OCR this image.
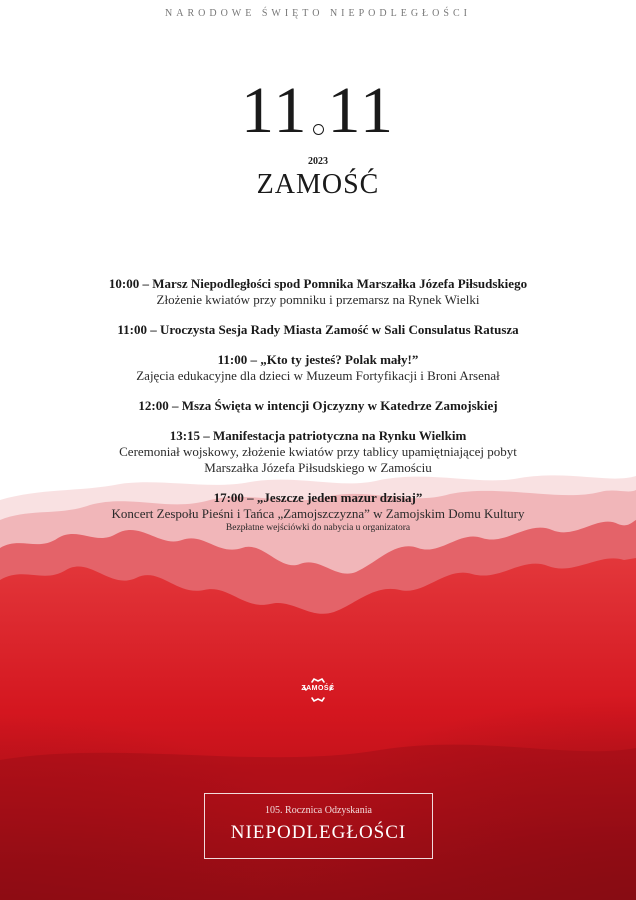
NARODOWE ŚWIĘTO NIEPODLEGŁOŚCI
11 11
2023
ZAMOŚĆ
10:00 – Marsz Niepodległości spod Pomnika Marszałka Józefa Piłsudskiego
Złożenie kwiatów przy pomniku i przemarsz na Rynek Wielki
11:00 – Uroczysta Sesja Rady Miasta Zamość w Sali Consulatus Ratusza
11:00 – „Kto ty jesteś? Polak mały!”
Zajęcia edukacyjne dla dzieci w Muzeum Fortyfikacji i Broni Arsenał
12:00 – Msza Święta w intencji Ojczyzny w Katedrze Zamojskiej
13:15 – Manifestacja patriotyczna na Rynku Wielkim
Ceremoniał wojskowy, złożenie kwiatów przy tablicy upamiętniającej pobyt
Marszałka Józefa Piłsudskiego w Zamościu
17:00 – „Jeszcze jeden mazur dzisiaj”
Koncert Zespołu Pieśni i Tańca „Zamojszczyzna” w Zamojskim Domu Kultury
Bezpłatne wejściówki do nabycia u organizatora
ZAMOŚĆ
105. Rocznica Odzyskania
NIEPODLEGŁOŚCI
